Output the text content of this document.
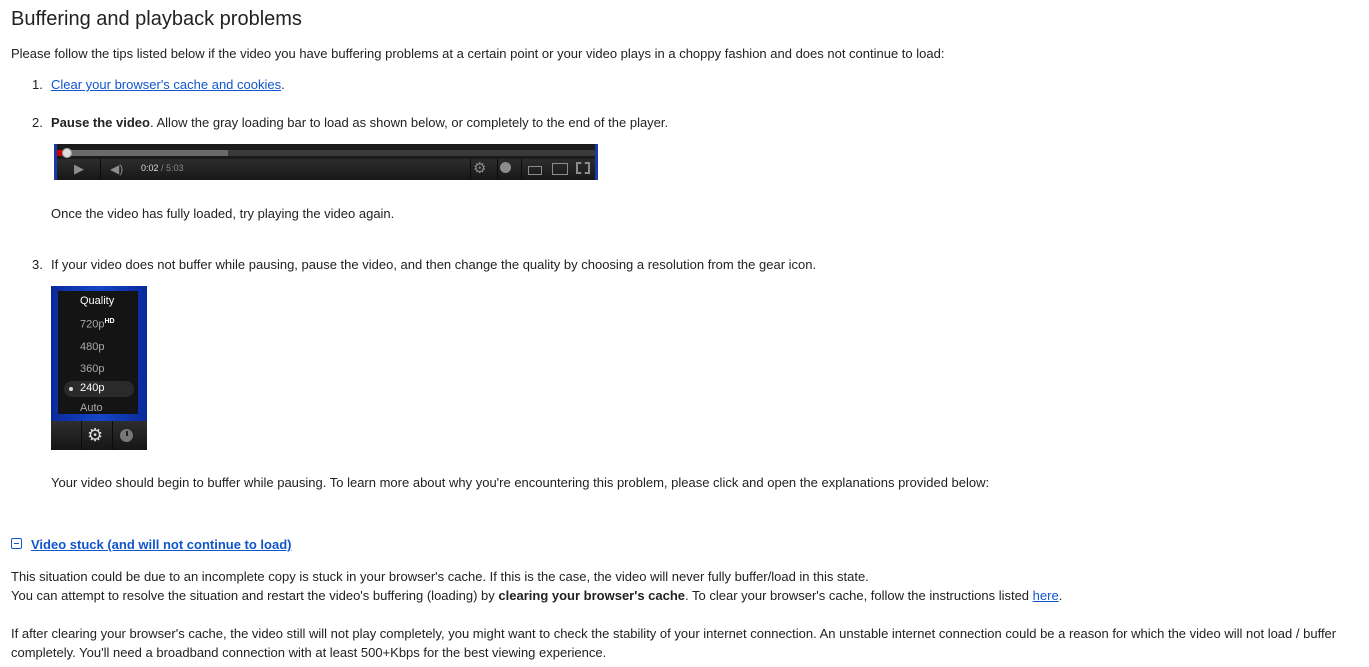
Buffering and playback problems
Please follow the tips listed below if the video you have buffering problems at a certain point or your video plays in a choppy fashion and does not continue to load:
1. Clear your browser's cache and cookies.
2. Pause the video. Allow the gray loading bar to load as shown below, or completely to the end of the player.
▶ ◀) 0:02 / 5:03	⚙
Once the video has fully loaded, try playing the video again.
3. If your video does not buffer while pausing, pause the video, and then change the quality by choosing a resolution from the gear icon.
Quality
$720p^{HD}$
480p
360p
240p
Auto
⚙
Your video should begin to buffer while pausing. To learn more about why you're encountering this problem, please click and open the explanations provided below:
Video stuck (and will not continue to load)
This situation could be due to an incomplete copy is stuck in your browser's cache. If this is the case, the video will never fully buffer/load in this state.
You can attempt to resolve the situation and restart the video's buffering (loading) by clearing your browser's cache. To clear your browser's cache, follow the instructions listed here.
If after clearing your browser's cache, the video still will not play completely, you might want to check the stability of your internet connection. An unstable internet connection could be a reason for which the video will not load / buffer
completely. You'll need a broadband connection with at least 500+Kbps for the best viewing experience.
